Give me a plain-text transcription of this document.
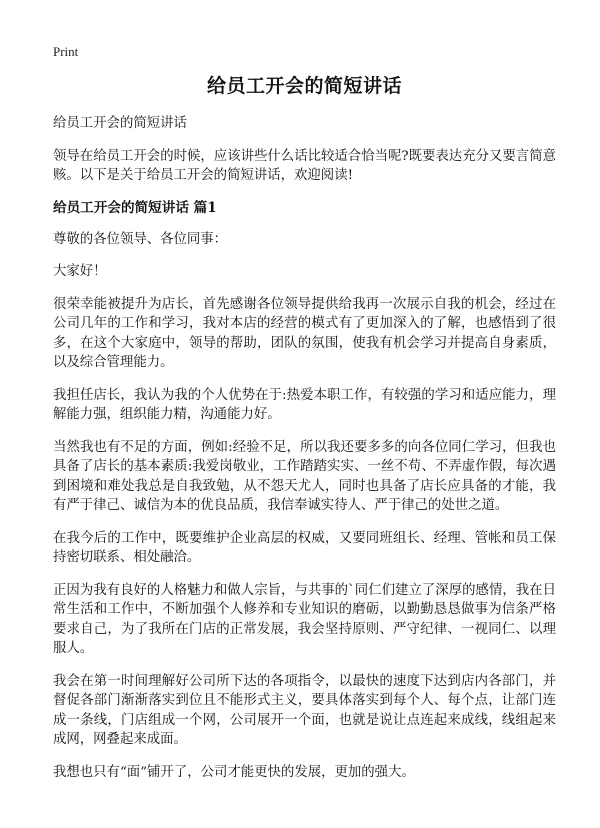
Print
给员工开会的简短讲话

给员工开会的简短讲话

领导在给员工开会的时候，应该讲些什么话比较适合恰当呢?既要表达充分又要言简意赅。以下是关于给员工开会的简短讲话，欢迎阅读!

给员工开会的简短讲话 篇1

尊敬的各位领导、各位同事：

大家好！

很荣幸能被提升为店长，首先感谢各位领导提供给我再一次展示自我的机会，经过在公司几年的工作和学习，我对本店的经营的模式有了更加深入的了解，也感悟到了很多，在这个大家庭中，领导的帮助，团队的氛围，使我有机会学习并提高自身素质，以及综合管理能力。

我担任店长，我认为我的个人优势在于:热爱本职工作，有较强的学习和适应能力，理解能力强，组织能力精，沟通能力好。

当然我也有不足的方面，例如:经验不足，所以我还要多多的向各位同仁学习，但我也具备了店长的基本素质:我爱岗敬业，工作踏踏实实、一丝不苟、不弄虚作假，每次遇到困境和难处我总是自我致勉，从不怨天尤人，同时也具备了店长应具备的才能，我有严于律己、诚信为本的优良品质，我信奉诚实待人、严于律己的处世之道。

在我今后的工作中，既要维护企业高层的权威，又要同班组长、经理、管帐和员工保持密切联系、相处融洽。

正因为我有良好的人格魅力和做人宗旨，与共事的`同仁们建立了深厚的感情，我在日常生活和工作中，不断加强个人修养和专业知识的磨砺，以勤勤恳恳做事为信条严格要求自己，为了我所在门店的正常发展，我会坚持原则、严守纪律、一视同仁、以理服人。

我会在第一时间理解好公司所下达的各项指令，以最快的速度下达到店内各部门，并督促各部门渐渐落实到位且不能形式主义，要具体落实到每个人、每个点，让部门连成一条线，门店组成一个网，公司展开一个面，也就是说让点连起来成线，线组起来成网，网叠起来成面。

我想也只有“面”铺开了，公司才能更快的发展，更加的强大。
